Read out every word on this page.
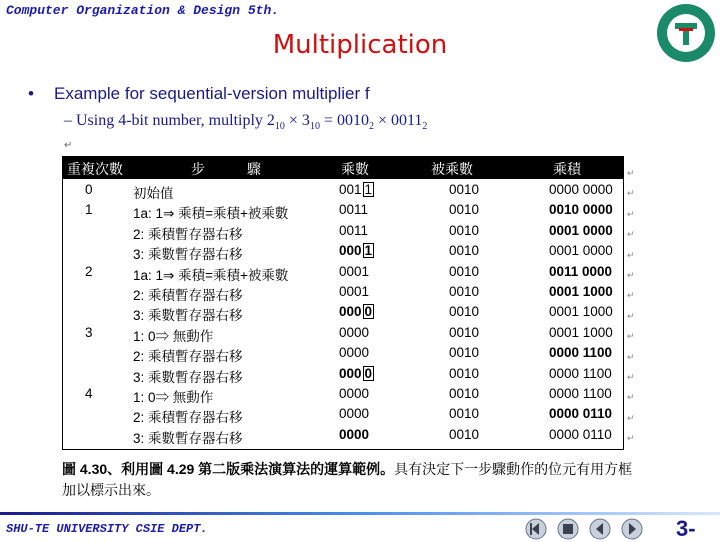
Computer Organization & Design 5th.
Multiplication
• Example for sequential-version multiplier f
– Using 4-bit number, multiply $2_{10} \times 3_{10} = 0010_2 \times 0011_2$
↵
重複次數	步　　　驟	乘數	被乘數	乘積
0	初始值	001 1	0010	0000 0000
1	1a: 1⇒ 乘積=乘積+被乘數	0011	0010	0010 0000
2: 乘積暫存器右移	0011	0010	0001 0000
3: 乘數暫存器右移	000 1	0010	0001 0000
2	1a: 1⇒ 乘積=乘積+被乘數	0001	0010	0011 0000
2: 乘積暫存器右移	0001	0010	0001 1000
3: 乘數暫存器右移	000 0	0010	0001 1000
3	1: 0⇒ 無動作	0000	0010	0001 1000
2: 乘積暫存器右移	0000	0010	0000 1100
3: 乘數暫存器右移	000 0	0010	0000 1100
4	1: 0⇒ 無動作	0000	0010	0000 1100
2: 乘積暫存器右移	0000	0010	0000 0110
3: 乘數暫存器右移	0000	0010	0000 0110
↵
↵
↵
↵
↵
↵
↵
↵
↵
↵
↵
↵
↵
↵
圖 4.30、利用圖 4.29 第二版乘法演算法的運算範例。具有決定下一步驟動作的位元有用方框加以標示出來。
SHU-TE UNIVERSITY CSIE DEPT.	3-
